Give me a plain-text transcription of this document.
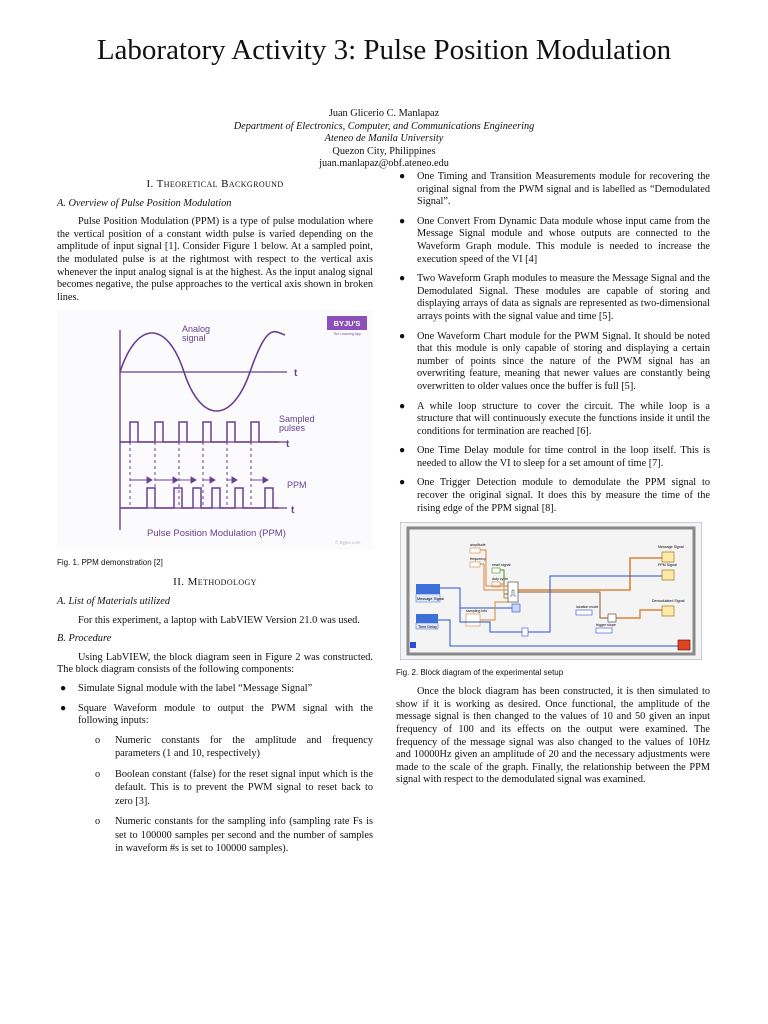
Laboratory Activity 3: Pulse Position Modulation
Juan Glicerio C. Manlapaz
Department of Electronics, Computer, and Communications Engineering
Ateneo de Manila University
Quezon City, Philippines
juan.manlapaz@obf.ateneo.edu
I. Theoretical Background
A. Overview of Pulse Position Modulation

Pulse Position Modulation (PPM) is a type of pulse modulation where the vertical position of a constant width pulse is varied depending on the amplitude of input signal [1]. Consider Figure 1 below. At a sampled point, the modulated pulse is at the rightmost with respect to the vertical axis whenever the input analog signal is at the highest. As the input analog signal becomes negative, the pulse approaches to the vertical axis shown in broken lines.

BYJU'S
The Learning App
t
t
t
Analog
signal
Sampled
pulses
PPM
Pulse Position Modulation (PPM)
© Byjus.com
Fig. 1. PPM demonstration [2]
II. Methodology
A. List of Materials utilized

For this experiment, a laptop with LabVIEW Version 21.0 was used.

B. Procedure

Using LabVIEW, the block diagram seen in Figure 2 was constructed. The block diagram consists of the following components:

● Simulate Signal module with the label “Message Signal”
● Square Waveform module to output the PWM signal with the following inputs:
o Numeric constants for the amplitude and frequency parameters (1 and 10, respectively)
o Boolean constant (false) for the reset signal input which is the default. This is to prevent the PWM signal to reset back to zero [3].
o Numeric constants for the sampling info (sampling rate Fs is set to 100000 samples per second and the number of samples in waveform #s is set to 100000 samples).
● One Timing and Transition Measurements module for recovering the original signal from the PWM signal and is labelled as “Demodulated Signal”.
● One Convert From Dynamic Data module whose input came from the Message Signal module and whose outputs are connected to the Waveform Graph module. This module is needed to increase the execution speed of the VI [4]
● Two Waveform Graph modules to measure the Message Signal and the Demodulated Signal. These modules are capable of storing and displaying arrays of data as signals are represented as two-dimensional arrays points with the signal value and time [5].
● One Waveform Chart module for the PWM Signal. It should be noted that this module is only capable of storing and displaying a certain number of points since the nature of the PWM signal has an overwriting feature, meaning that newer values are constantly being overwritten to older values once the buffer is full [5].
● A while loop structure to cover the circuit. The while loop is a structure that will continuously execute the functions inside it until the conditions for termination are reached [6].
● One Time Delay module for time control in the loop itself. This is needed to allow the VI to sleep for a set amount of time [7].
● One Trigger Detection module to demodulate the PPM signal to recover the original signal. It does this by measure the time of the rising edge of the PPM signal [8].
Message Signal
Time Delay
amplitude
frequency
reset signal
duty cycle
sampling info
location mode
trigger slope
Message Signal
PPM Signal
Demodulated Signal
Fig. 2. Block diagram of the experimental setup

Once the block diagram has been constructed, it is then simulated to show if it is working as desired. Once functional, the amplitude of the message signal is then changed to the values of 10 and 50 given an input frequency of 100 and its effects on the output were examined. The frequency of the message signal was also changed to the values of 10Hz and 10000Hz given an amplitude of 20 and the necessary adjustments were made to the scale of the graph. Finally, the relationship between the PPM signal with respect to the demodulated signal was examined.
